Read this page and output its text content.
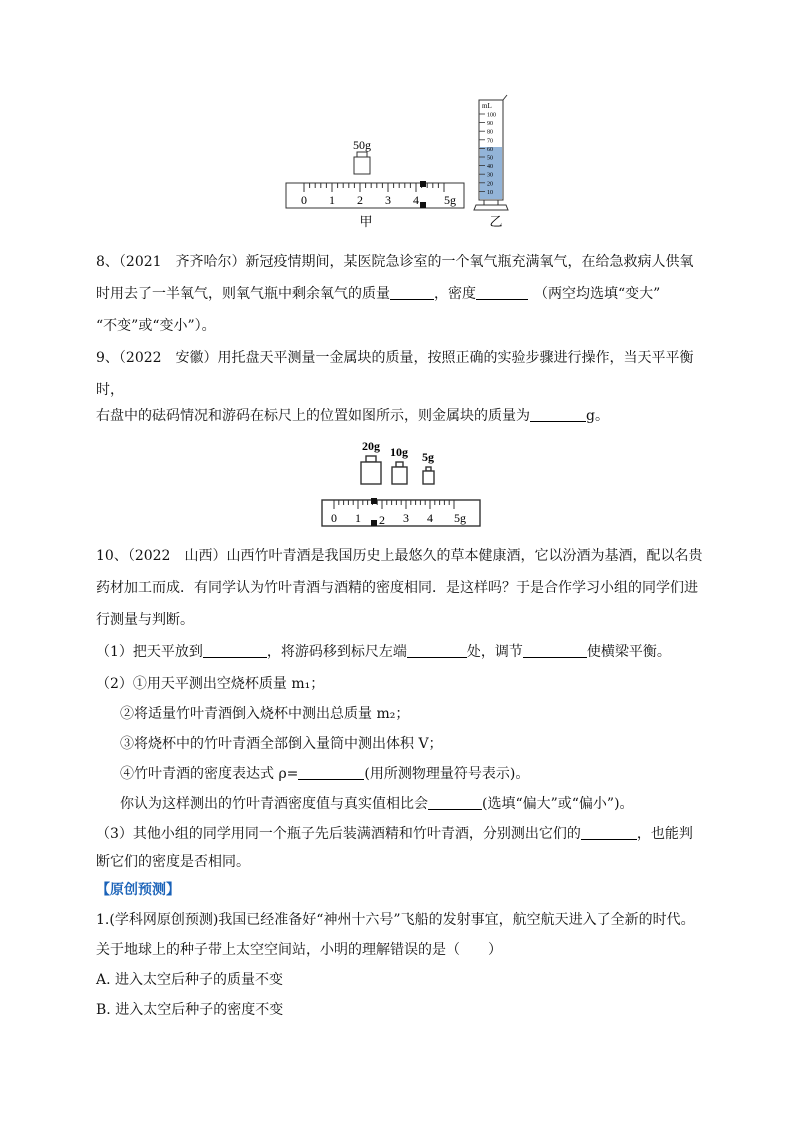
50g
0 1 2 3 4 5g
甲
mL
100
90
80
70
60
50
40
30
20
10
乙
8、（2021　齐齐哈尔）新冠疫情期间，某医院急诊室的一个氧气瓶充满氧气，在给急救病人供氧
时用去了一半氧气，则氧气瓶中剩余氧气的质量	，密度	（两空均选填“变大”
“不变”或“变小”）。
9、（2022　安徽）用托盘天平测量一金属块的质量，按照正确的实验步骤进行操作，当天平平衡
时，
右盘中的砝码情况和游码在标尺上的位置如图所示，则金属块的质量为	g。
20g 10g 5g
0 1 2 3 4 5g
10、（2022　山西）山西竹叶青酒是我国历史上最悠久的草本健康酒，它以汾酒为基酒，配以名贵
药材加工而成．有同学认为竹叶青酒与酒精的密度相同．是这样吗？于是合作学习小组的同学们进
行测量与判断。
（1）把天平放到	，将游码移到标尺左端	处，调节	使横梁平衡。
（2）①用天平测出空烧杯质量 m₁；
②将适量竹叶青酒倒入烧杯中测出总质量 m₂；
③将烧杯中的竹叶青酒全部倒入量筒中测出体积 V；
④竹叶青酒的密度表达式 ρ=	(用所测物理量符号表示)。
你认为这样测出的竹叶青酒密度值与真实值相比会	(选填“偏大”或“偏小”)。
（3）其他小组的同学用同一个瓶子先后装满酒精和竹叶青酒，分别测出它们的	，也能判
断它们的密度是否相同。
【原创预测】
1.(学科网原创预测)我国已经准备好“神州十六号”飞船的发射事宜，航空航天进入了全新的时代。
关于地球上的种子带上太空空间站，小明的理解错误的是（　　）
A. 进入太空后种子的质量不变
B. 进入太空后种子的密度不变
